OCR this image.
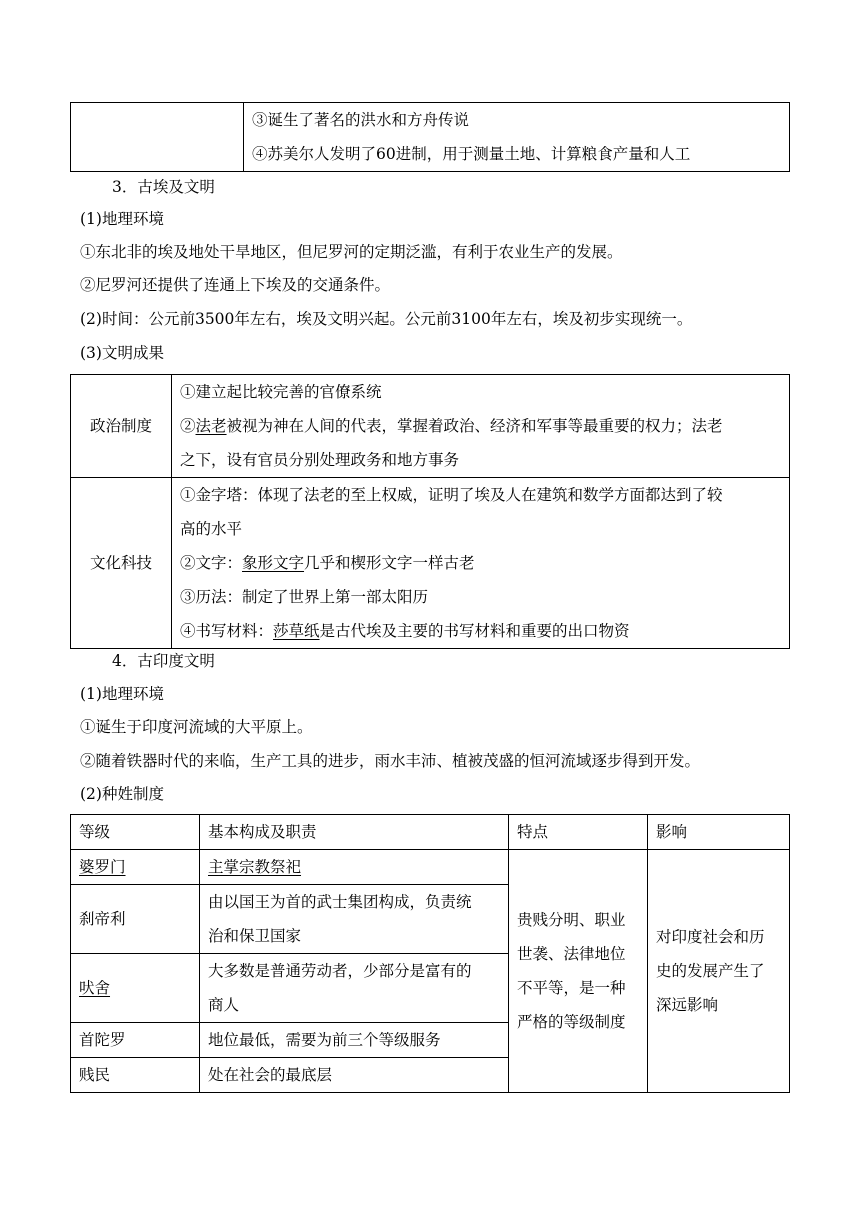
③诞生了著名的洪水和方舟传说
④苏美尔人发明了60进制，用于测量土地、计算粮食产量和人工
3．古埃及文明
(1)地理环境
①东北非的埃及地处干旱地区，但尼罗河的定期泛滥，有利于农业生产的发展。
②尼罗河还提供了连通上下埃及的交通条件。
(2)时间：公元前3500年左右，埃及文明兴起。公元前3100年左右，埃及初步实现统一。
(3)文明成果
政治制度	①建立起比较完善的官僚系统
②法老被视为神在人间的代表，掌握着政治、经济和军事等最重要的权力；法老
之下，设有官员分别处理政务和地方事务

文化科技	①金字塔：体现了法老的至上权威，证明了埃及人在建筑和数学方面都达到了较
高的水平
②文字：象形文字几乎和楔形文字一样古老
③历法：制定了世界上第一部太阳历
④书写材料：莎草纸是古代埃及主要的书写材料和重要的出口物资
4．古印度文明
(1)地理环境
①诞生于印度河流域的大平原上。
②随着铁器时代的来临，生产工具的进步，雨水丰沛、植被茂盛的恒河流域逐步得到开发。
(2)种姓制度
等级	基本构成及职责	特点	影响
婆罗门	主掌宗教祭祀	贵贱分明、职业
世袭、法律地位
不平等，是一种
严格的等级制度	对印度社会和历
史的发展产生了
深远影响

刹帝利	由以国王为首的武士集团构成，负责统
治和保卫国家		

吠舍	大多数是普通劳动者，少部分是富有的
商人		

首陀罗	地位最低，需要为前三个等级服务		
贱民	处在社会的最底层		
